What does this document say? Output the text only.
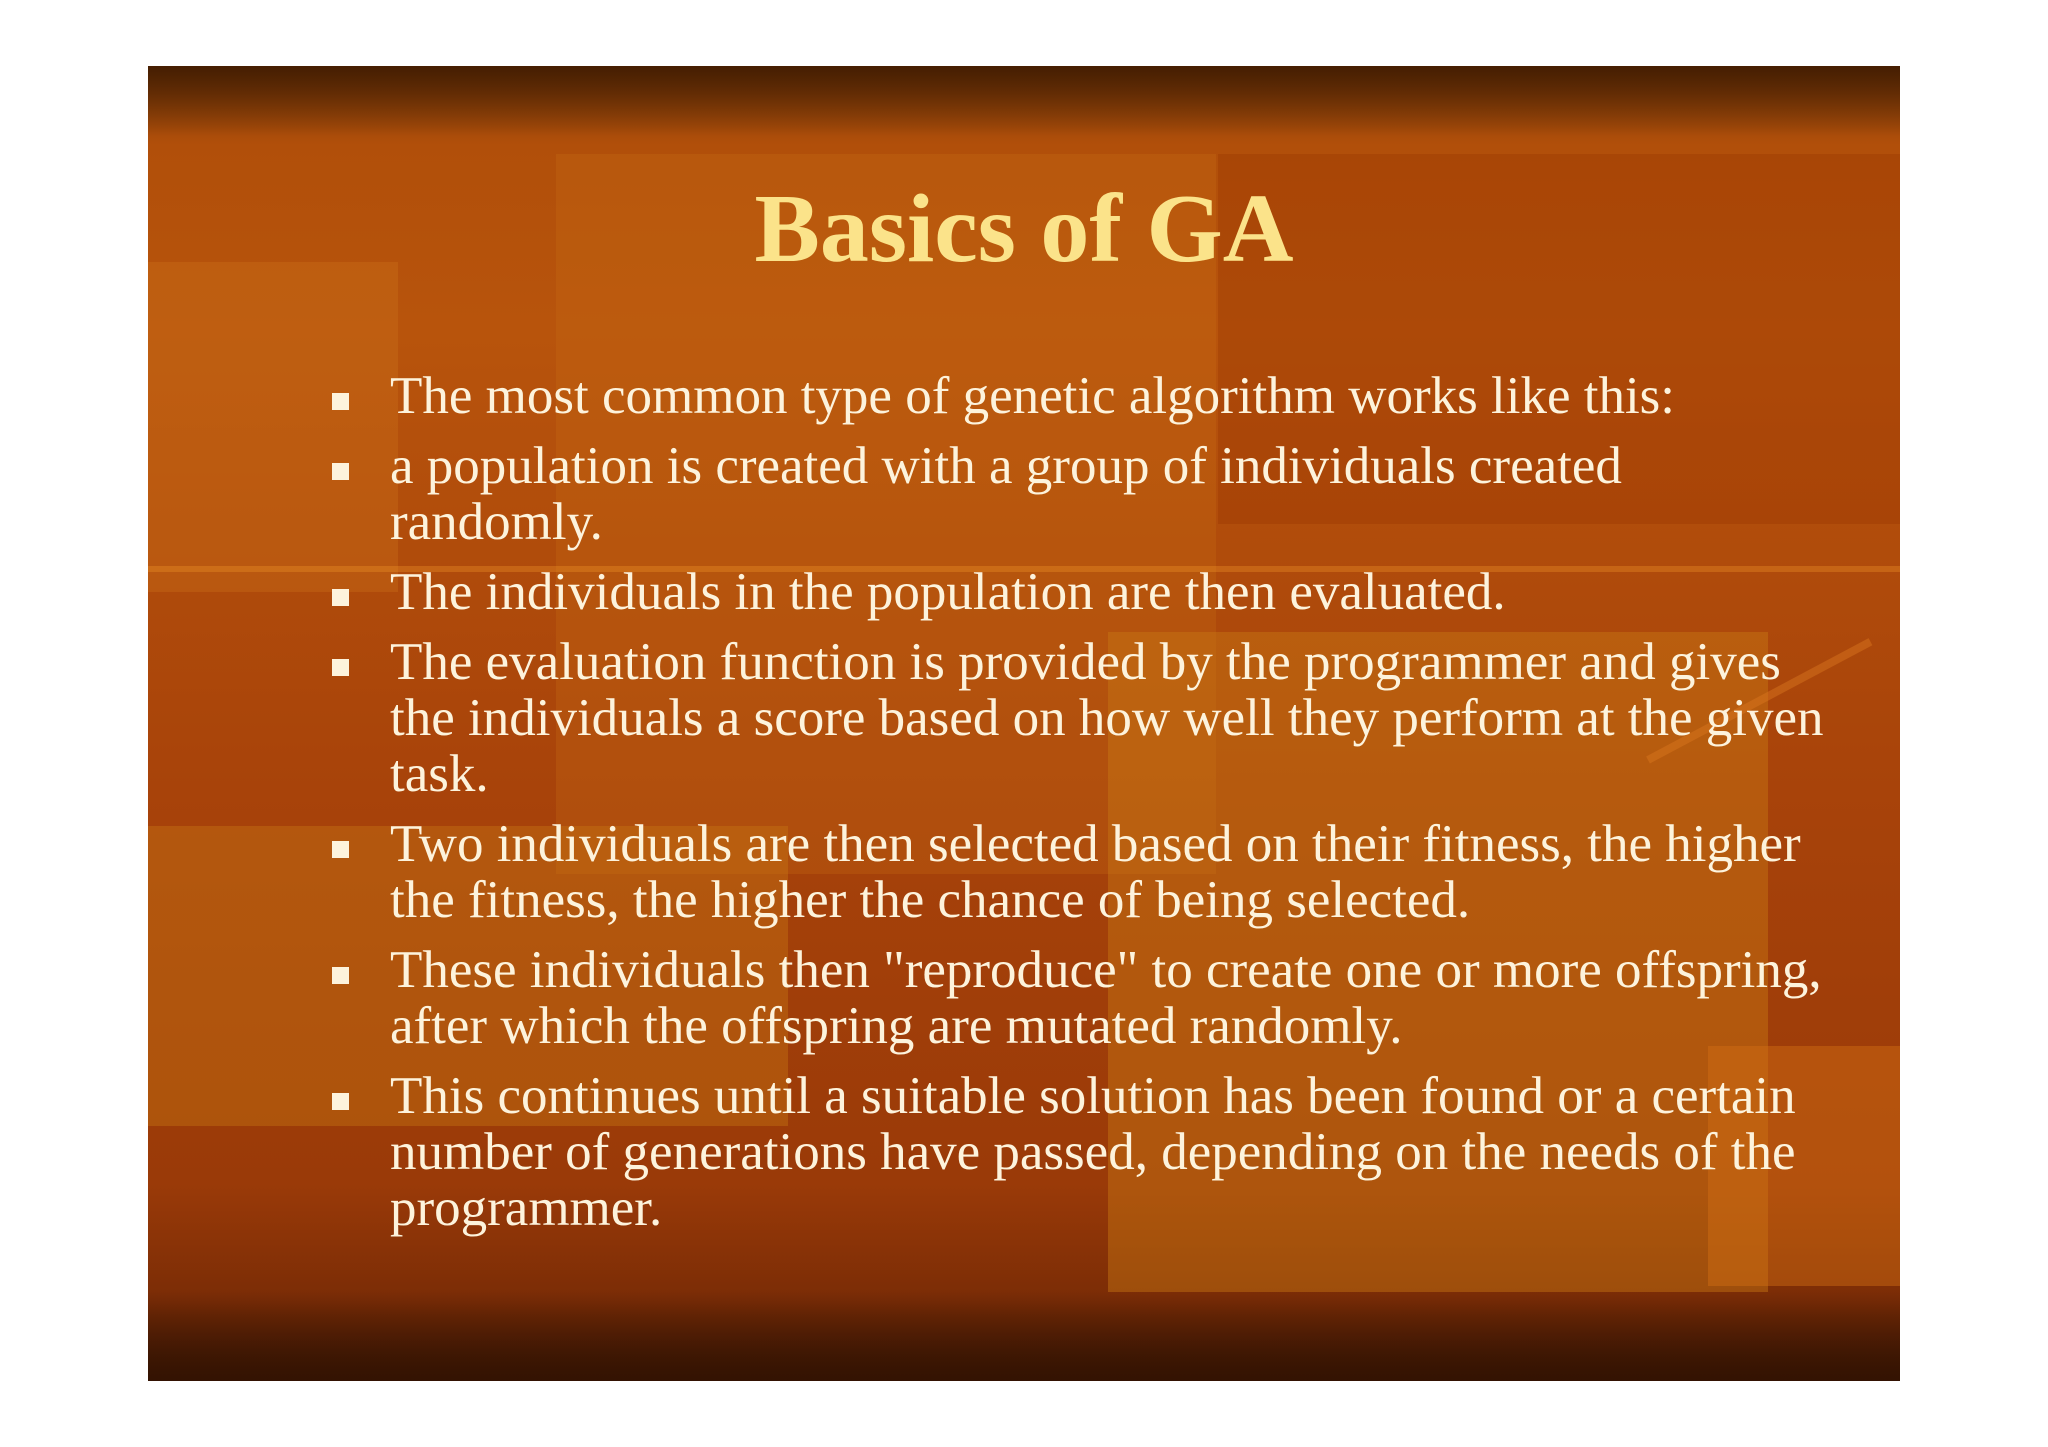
Basics of GA
The most common type of genetic algorithm works like this:
a population is created with a group of individuals created randomly.
The individuals in the population are then evaluated.
The evaluation function is provided by the programmer and gives the individuals a score based on how well they perform at the given task.
Two individuals are then selected based on their fitness, the higher the fitness, the higher the chance of being selected.
These individuals then "reproduce" to create one or more offspring, after which the offspring are mutated randomly.
This continues until a suitable solution has been found or a certain number of generations have passed, depending on the needs of the programmer.
